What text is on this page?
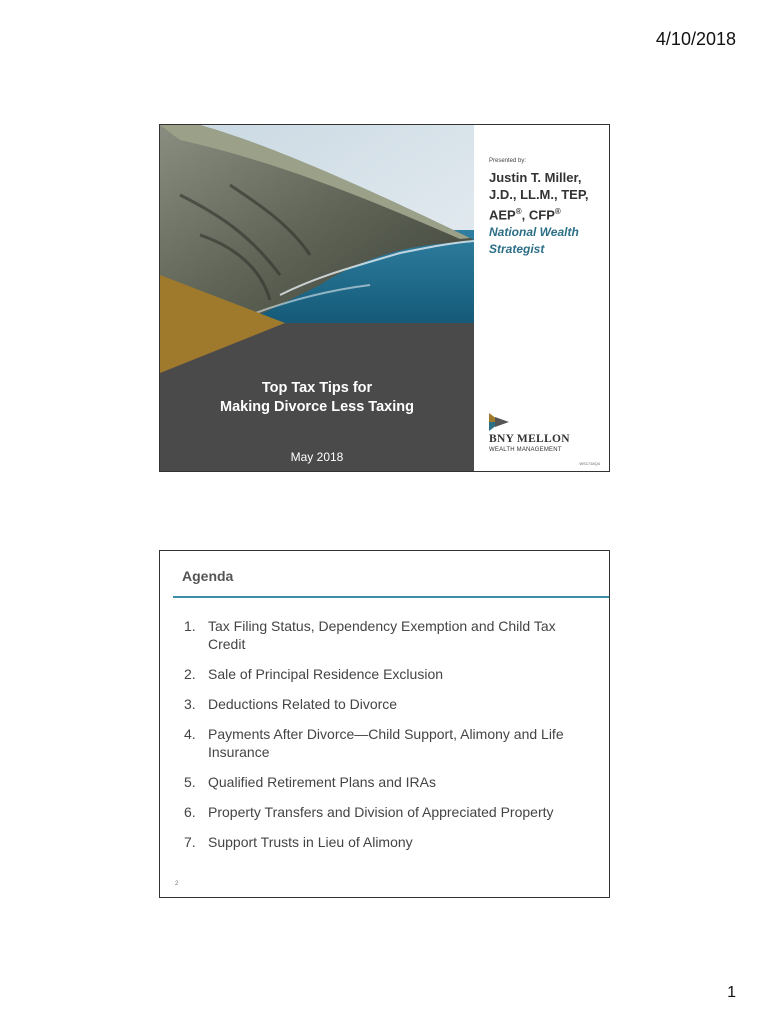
4/10/2018
Top Tax Tips for
Making Divorce Less Taxing
May 2018
Presented by:
Justin T. Miller,
J.D., LL.M., TEP,
AEP®, CFP®
National Wealth
Strategist
BNY MELLON
WEALTH MANAGEMENT
WS1718Q4
Agenda
1. Tax Filing Status, Dependency Exemption and Child Tax Credit
2. Sale of Principal Residence Exclusion
3. Deductions Related to Divorce
4. Payments After Divorce—Child Support, Alimony and Life Insurance
5. Qualified Retirement Plans and IRAs
6. Property Transfers and Division of Appreciated Property
7. Support Trusts in Lieu of Alimony
2
1
